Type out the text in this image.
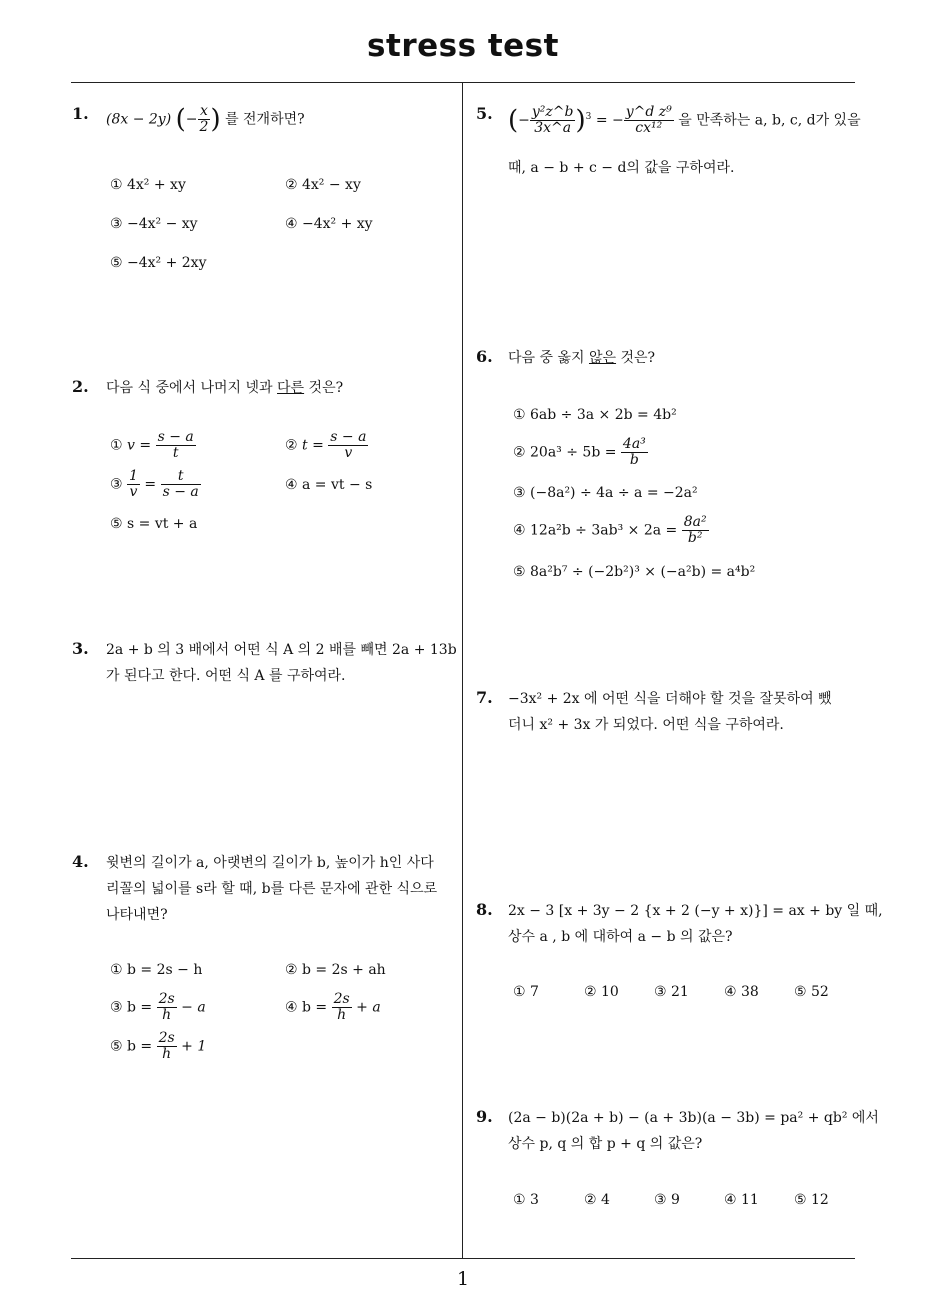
stress test
1
1. (8x − 2y) (− $\frac{x}{2}$ ) 를 전개하면?
① 4x² + xy	② 4x² − xy
③ −4x² − xy	④ −4x² + xy
⑤ −4x² + 2xy
2. 다음 식 중에서 나머지 넷과 다른 것은?
① $v = \frac{s - a}{t}$	② $t = \frac{s - a}{v}$
③ $\frac{1}{v} = \frac{t}{s - a}$	④ a = vt − s
⑤ s = vt + a
3. 2a + b 의 3 배에서 어떤 식 A 의 2 배를 빼면 2a + 13b
가 된다고 한다. 어떤 식 A 를 구하여라.
4. 윗변의 길이가 a, 아랫변의 길이가 b, 높이가 h인 사다
리꼴의 넓이를 s라 할 때, b를 다른 문자에 관한 식으로
나타내면?
① b = 2s − h	② b = 2s + ah
③ $b = \frac{2s}{h} - a$	④ $b = \frac{2s}{h} + a$
⑤ $b = \frac{2s}{h} + 1$
5. (− $\frac{\text{y²z\textasciicircum{}b}}{3x\^{}a} )^3$ = − $\frac{\text{y\textasciicircum{}d z⁹}}{\text{cx¹²}}$ 을 만족하는 a, b, c, d가 있을
때, a − b + c − d의 값을 구하여라.
6. 다음 중 옳지 않은 것은?
① 6ab ÷ 3a × 2b = 4b²
② $20a^3 \div 5b = \frac{\text{4a³}}{b}$
③ (−8a²) ÷ 4a ÷ a = −2a²
④ $12a^2b \div 3ab^3 \times 2a = \frac{\text{8a²}}{\text{b²}}$
⑤ 8a²b⁷ ÷ (−2b²)³ × (−a²b) = a⁴b²
7. −3x² + 2x 에 어떤 식을 더해야 할 것을 잘못하여 뺐
더니 x² + 3x 가 되었다. 어떤 식을 구하여라.
8. 2x − 3 [x + 3y − 2 {x + 2 (−y + x)}] = ax + by 일 때,
상수 a , b 에 대하여 a − b 의 값은?
① 7	② 10	③ 21	④ 38	⑤ 52
9. (2a − b)(2a + b) − (a + 3b)(a − 3b) = pa² + qb² 에서
상수 p, q 의 합 p + q 의 값은?
① 3	② 4	③ 9	④ 11	⑤ 12
